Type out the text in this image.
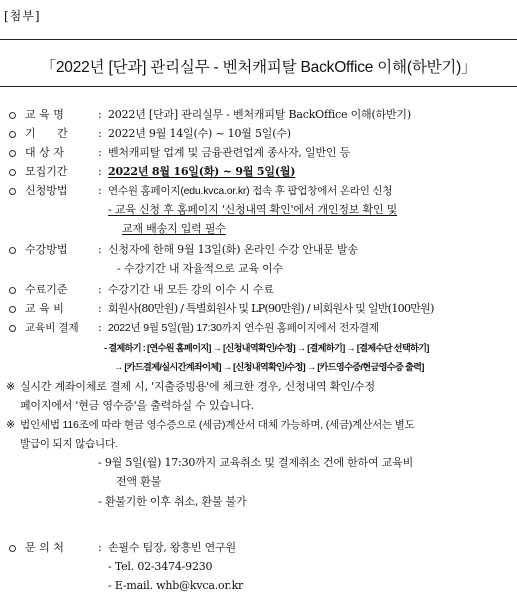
[첨부]
「2022년 [단과] 관리실무 - 벤처캐피탈 BackOffice 이해(하반기)」
교 육 명	: 2022년 [단과] 관리실무 - 벤처캐피탈 BackOffice 이해(하반기)
기 간	: 2022년 9월 14일(수) ~ 10월 5일(수)
대 상 자	: 벤처캐피탈 업계 및 금융관련업계 종사자, 일반인 등
모집기간	: 2022년 8월 16일(화) ~ 9월 5일(월)
신청방법	: 연수원 홈페이지(edu.kvca.or.kr) 접속 후 팝업창에서 온라인 신청
- 교육 신청 후 홈페이지 '신청내역 확인'에서 개인정보 확인 및
교재 배송지 입력 필수
수강방법	: 신청자에 한해 9월 13일(화) 온라인 수강 안내문 발송
- 수강기간 내 자율적으로 교육 이수
수료기준	: 수강기간 내 모든 강의 이수 시 수료
교 육 비	: 회원사(80만원) / 특별회원사 및 LP(90만원) / 비회원사 및 일반(100만원)
교육비 결제 : 2022년 9월 5일(월) 17:30까지 연수원 홈페이지에서 전자결제
- 결제하기 : [연수원 홈페이지] → [신청내역확인/수정] → [결제하기] → [결제수단 선택하기]
→ [카드결제/실시간계좌이체] → [신청내역확인/수정] → [카드영수증/현금영수증 출력]
※ 실시간 계좌이체로 결제 시, '지출증빙용'에 체크한 경우, 신청내역 확인/수정
페이지에서 '현금 영수증'을 출력하실 수 있습니다.
※ 법인세법 116조에 따라 현금 영수증으로 (세금)계산서 대체 가능하며, (세금)계산서는 별도
발급이 되지 않습니다.
- 9월 5일(월) 17:30까지 교육취소 및 결제취소 건에 한하여 교육비
전액 환불
- 환불기한 이후 취소, 환불 불가
문 의 처	: 손필수 팀장, 왕흥빈 연구원
- Tel. 02-3474-9230
- E-mail. whb@kvca.or.kr
